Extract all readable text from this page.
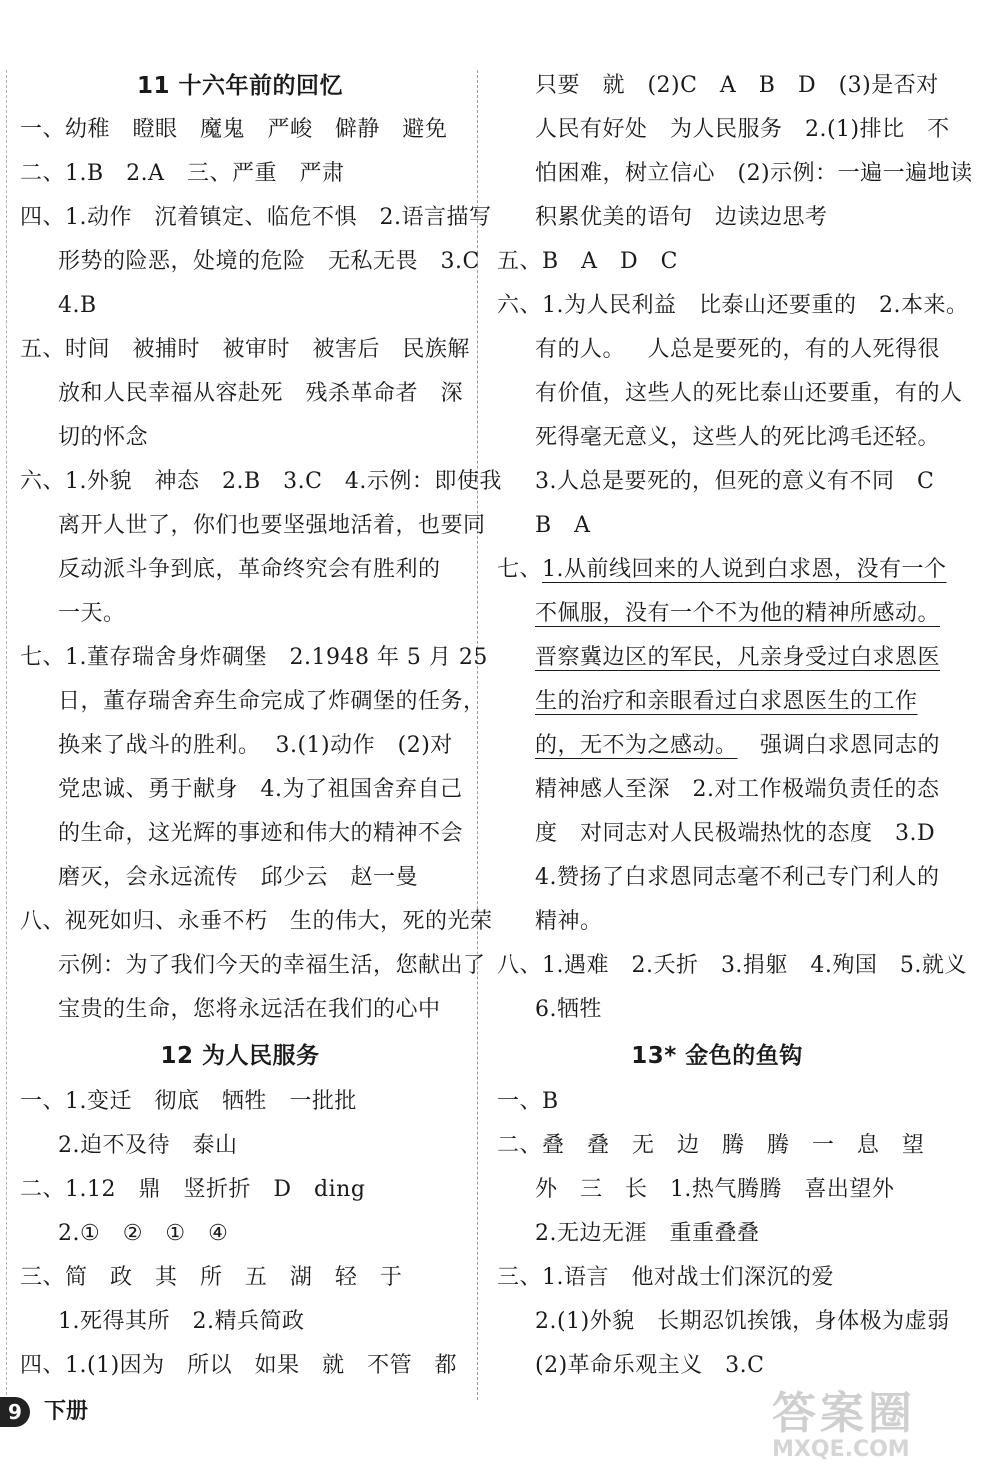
11 十六年前的回忆
一、幼稚   瞪眼   魔鬼   严峻   僻静   避免
二、1.B   2.A   三、严重   严肃
四、1.动作   沉着镇定、临危不惧   2.语言描写
形势的险恶，处境的危险   无私无畏   3.C
4.B
五、时间   被捕时   被审时   被害后   民族解
放和人民幸福从容赴死   残杀革命者   深
切的怀念
六、1.外貌   神态   2.B   3.C   4.示例：即使我
离开人世了，你们也要坚强地活着，也要同
反动派斗争到底，革命终究会有胜利的
一天。
七、1.董存瑞舍身炸碉堡   2.1948 年 5 月 25
日，董存瑞舍弃生命完成了炸碉堡的任务，
换来了战斗的胜利。  3.(1)动作   (2)对
党忠诚、勇于献身   4.为了祖国舍弃自己
的生命，这光辉的事迹和伟大的精神不会
磨灭，会永远流传   邱少云   赵一曼
八、视死如归、永垂不朽   生的伟大，死的光荣
示例：为了我们今天的幸福生活，您献出了
宝贵的生命，您将永远活在我们的心中
12 为人民服务
一、1.变迁   彻底   牺牲   一批批
2.迫不及待   泰山
二、1.12   鼎   竖折折   D   ding
2.①   ②   ①   ④
三、简   政   其   所   五   湖   轻   于
1.死得其所   2.精兵简政
四、1.(1)因为   所以   如果   就   不管   都
只要   就   (2)C   A   B   D   (3)是否对
人民有好处   为人民服务   2.(1)排比   不
怕困难，树立信心   (2)示例：一遍一遍地读
积累优美的语句   边读边思考
五、B   A   D   C
六、1.为人民利益   比泰山还要重的   2.本来。
有的人。   人总是要死的，有的人死得很
有价值，这些人的死比泰山还要重，有的人
死得毫无意义，这些人的死比鸿毛还轻。
3.人总是要死的，但死的意义有不同   C
B   A
七、1.从前线回来的人说到白求恩，没有一个
不佩服，没有一个不为他的精神所感动。
晋察冀边区的军民，凡亲身受过白求恩医
生的治疗和亲眼看过白求恩医生的工作
的，无不为之感动。   强调白求恩同志的
精神感人至深   2.对工作极端负责任的态
度   对同志对人民极端热忱的态度   3.D
4.赞扬了白求恩同志毫不利己专门利人的
精神。
八、1.遇难   2.夭折   3.捐躯   4.殉国   5.就义
6.牺牲
13* 金色的鱼钩
一、B
二、叠   叠   无   边   腾   腾   一   息   望
外   三   长   1.热气腾腾   喜出望外
2.无边无涯   重重叠叠
三、1.语言   他对战士们深沉的爱
2.(1)外貌   长期忍饥挨饿，身体极为虚弱
(2)革命乐观主义   3.C
9 下册	答案圈
MXQE.COM
